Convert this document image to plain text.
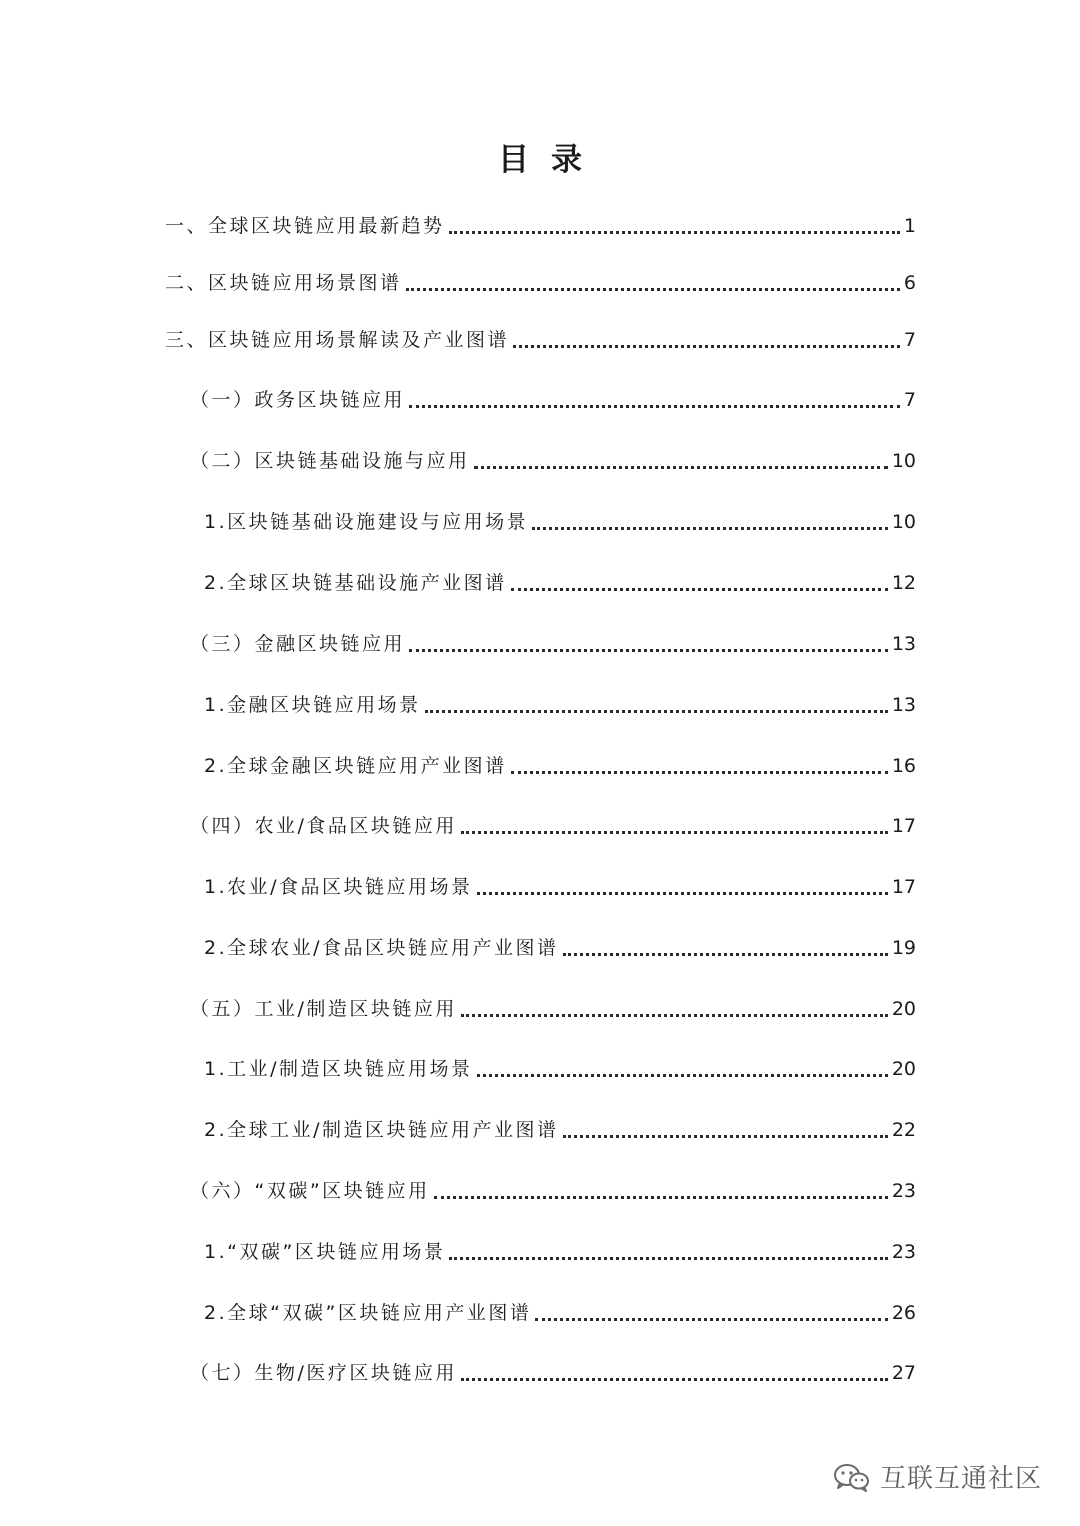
目录
一、全球区块链应用最新趋势	1
二、区块链应用场景图谱	6
三、区块链应用场景解读及产业图谱	7
（一）政务区块链应用	7
（二）区块链基础设施与应用	10
1.区块链基础设施建设与应用场景	10
2.全球区块链基础设施产业图谱	12
（三）金融区块链应用	13
1.金融区块链应用场景	13
2.全球金融区块链应用产业图谱	16
（四）农业/食品区块链应用	17
1.农业/食品区块链应用场景	17
2.全球农业/食品区块链应用产业图谱	19
（五）工业/制造区块链应用	20
1.工业/制造区块链应用场景	20
2.全球工业/制造区块链应用产业图谱	22
（六）“双碳”区块链应用	23
1.“双碳”区块链应用场景	23
2.全球“双碳”区块链应用产业图谱	26
（七）生物/医疗区块链应用	27
互联互通社区
